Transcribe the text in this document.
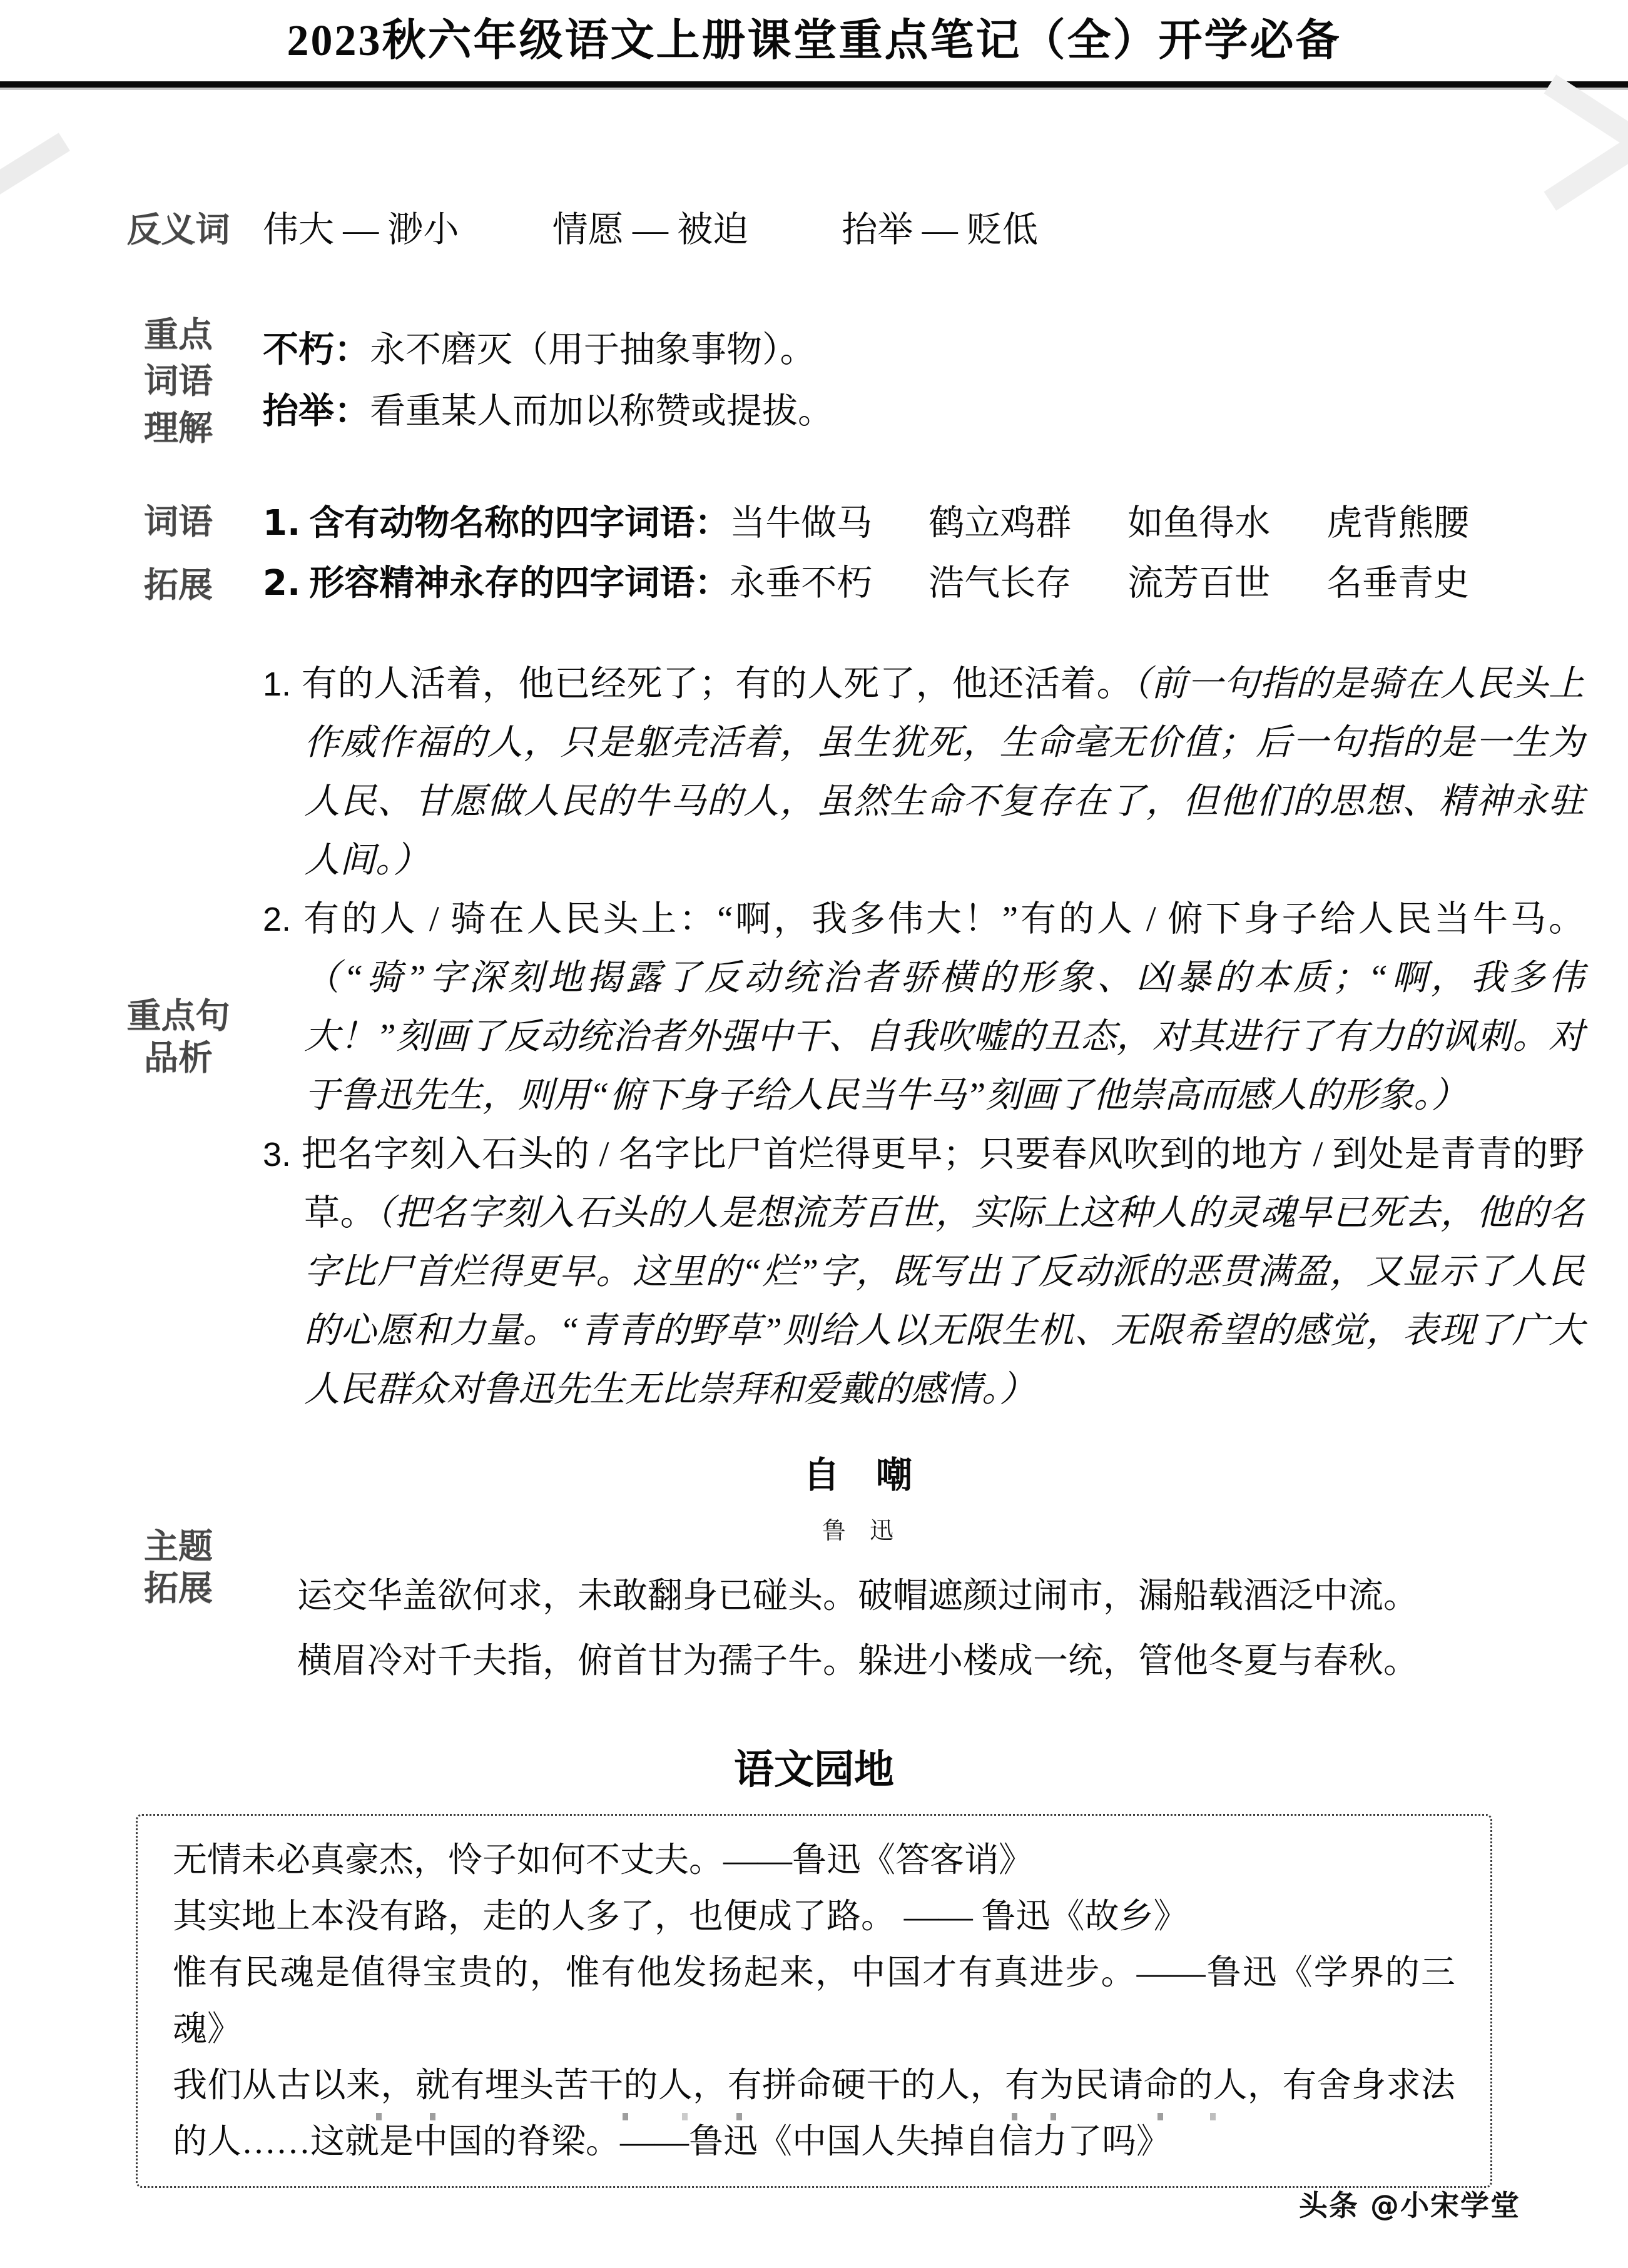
2023秋六年级语文上册课堂重点笔记（全）开学必备
反义词 伟大 — 渺小	情愿 — 被迫	抬举 — 贬低
重点
词语
理解
不朽：永不磨灭（用于抽象事物）。
抬举：看重某人而加以称赞或提拔。
词语
拓展
1. 含有动物名称的四字词语：当牛做马 鹤立鸡群 如鱼得水 虎背熊腰
2. 形容精神永存的四字词语：永垂不朽 浩气长存 流芳百世 名垂青史
重点句
品析
1. 有的人活着，他已经死了；有的人死了，他还活着。（前一句指的是骑在人民头上作威作福的人，只是躯壳活着，虽生犹死，生命毫无价值；后一句指的是一生为人民、甘愿做人民的牛马的人，虽然生命不复存在了，但他们的思想、精神永驻人间。）
2. 有的人 / 骑在人民头上：“啊，我多伟大！”有的人 / 俯下身子给人民当牛马。（“骑”字深刻地揭露了反动统治者骄横的形象、凶暴的本质；“啊，我多伟大！”刻画了反动统治者外强中干、自我吹嘘的丑态，对其进行了有力的讽刺。对于鲁迅先生，则用“俯下身子给人民当牛马”刻画了他崇高而感人的形象。）
3. 把名字刻入石头的 / 名字比尸首烂得更早；只要春风吹到的地方 / 到处是青青的野草。（把名字刻入石头的人是想流芳百世，实际上这种人的灵魂早已死去，他的名字比尸首烂得更早。这里的“烂”字，既写出了反动派的恶贯满盈，又显示了人民的心愿和力量。“青青的野草”则给人以无限生机、无限希望的感觉，表现了广大人民群众对鲁迅先生无比崇拜和爱戴的感情。）
主题
拓展
自　嘲
鲁　迅
运交华盖欲何求，未敢翻身已碰头。破帽遮颜过闹市，漏船载酒泛中流。
横眉冷对千夫指，俯首甘为孺子牛。躲进小楼成一统，管他冬夏与春秋。
语文园地
无情未必真豪杰，怜子如何不丈夫。——鲁迅《答客诮》
其实地上本没有路，走的人多了，也便成了路。 —— 鲁迅《故乡》
惟有民魂是值得宝贵的，惟有他发扬起来，中国才有真进步。——鲁迅《学界的三魂》
我们从古以来，就有埋头苦干的人，有拼命硬干的人，有为民请命的人，有舍身求法的人……这就是中国的脊梁。——鲁迅《中国人失掉自信力了吗》
头条 @小宋学堂
